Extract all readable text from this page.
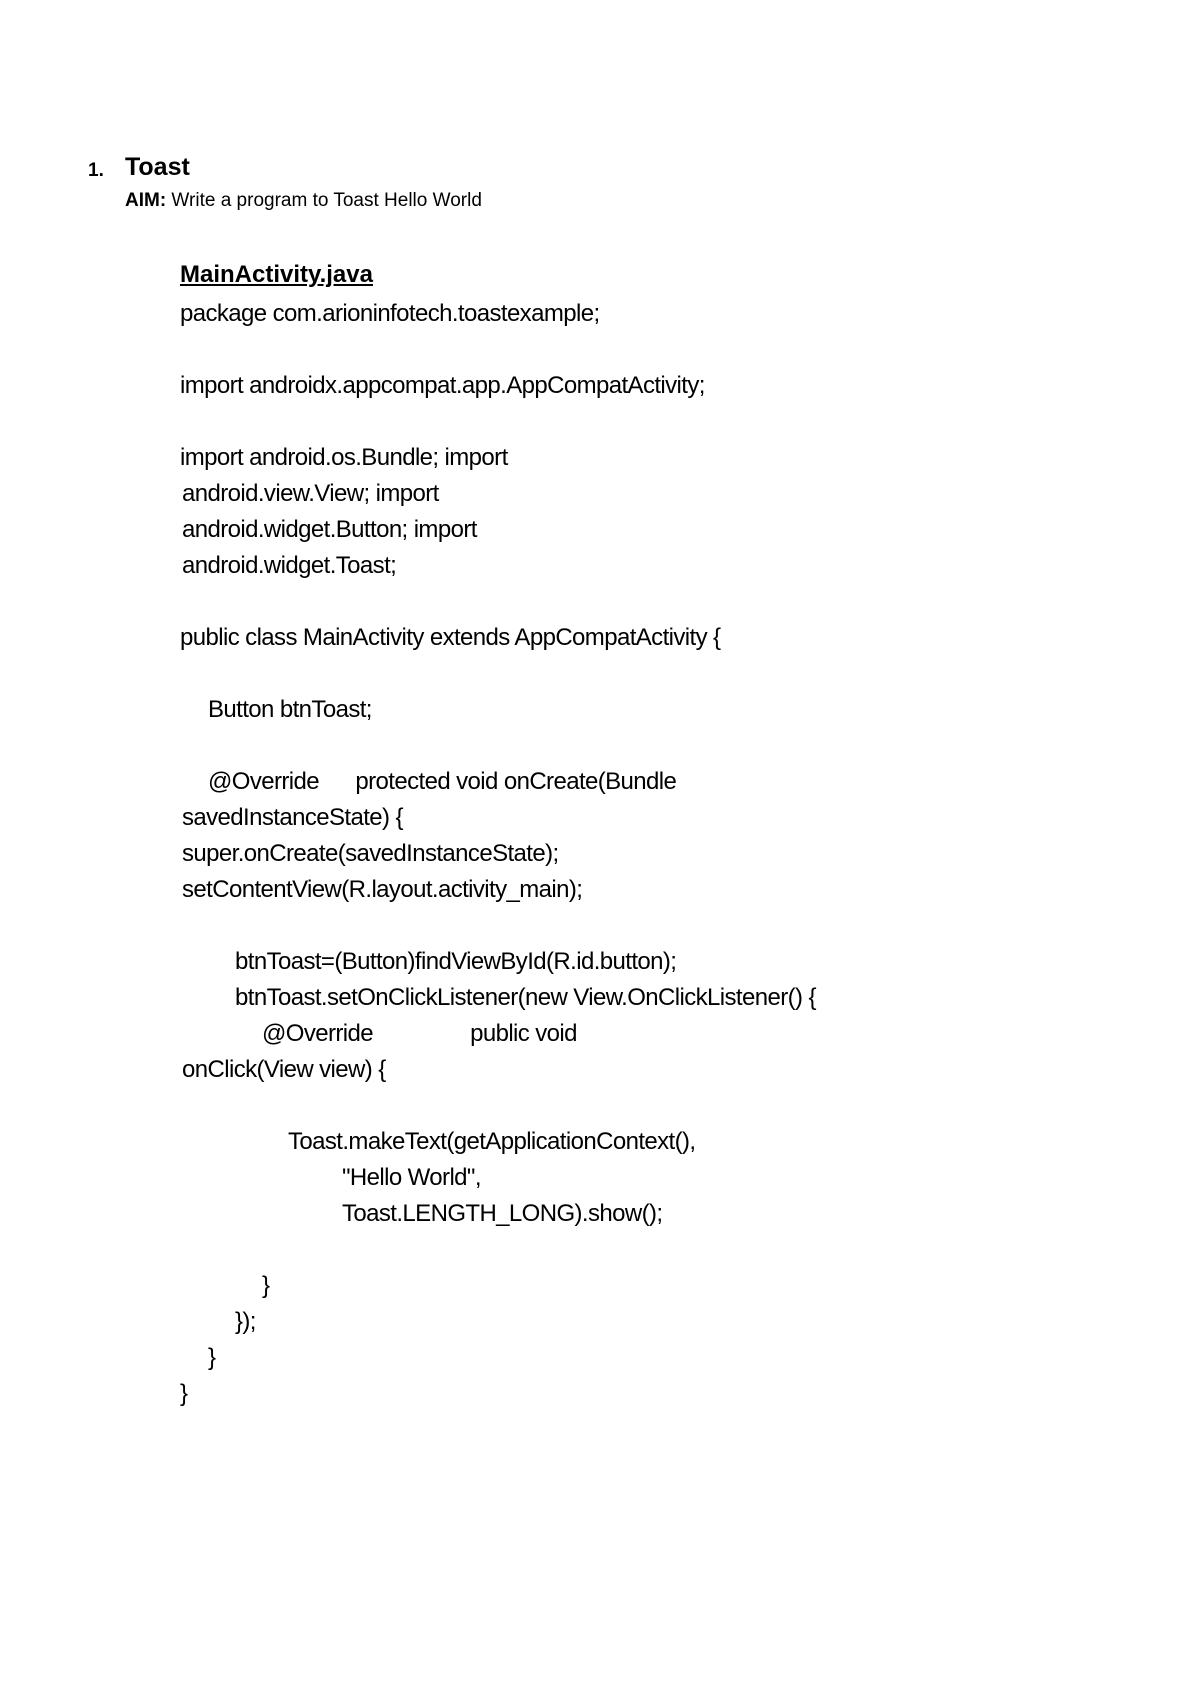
1. Toast
AIM: Write a program to Toast Hello World
MainActivity.java
package com.arioninfotech.toastexample;
import androidx.appcompat.app.AppCompatActivity;
import android.os.Bundle; import
android.view.View; import
android.widget.Button; import
android.widget.Toast;
public class MainActivity extends AppCompatActivity {
Button btnToast;
@Override      protected void onCreate(Bundle
savedInstanceState) {
super.onCreate(savedInstanceState);
setContentView(R.layout.activity_main);
btnToast=(Button)findViewById(R.id.button);
btnToast.setOnClickListener(new View.OnClickListener() {
@Override                public void
onClick(View view) {
Toast.makeText(getApplicationContext(),
"Hello World",
Toast.LENGTH_LONG).show();
}
});
}
}
